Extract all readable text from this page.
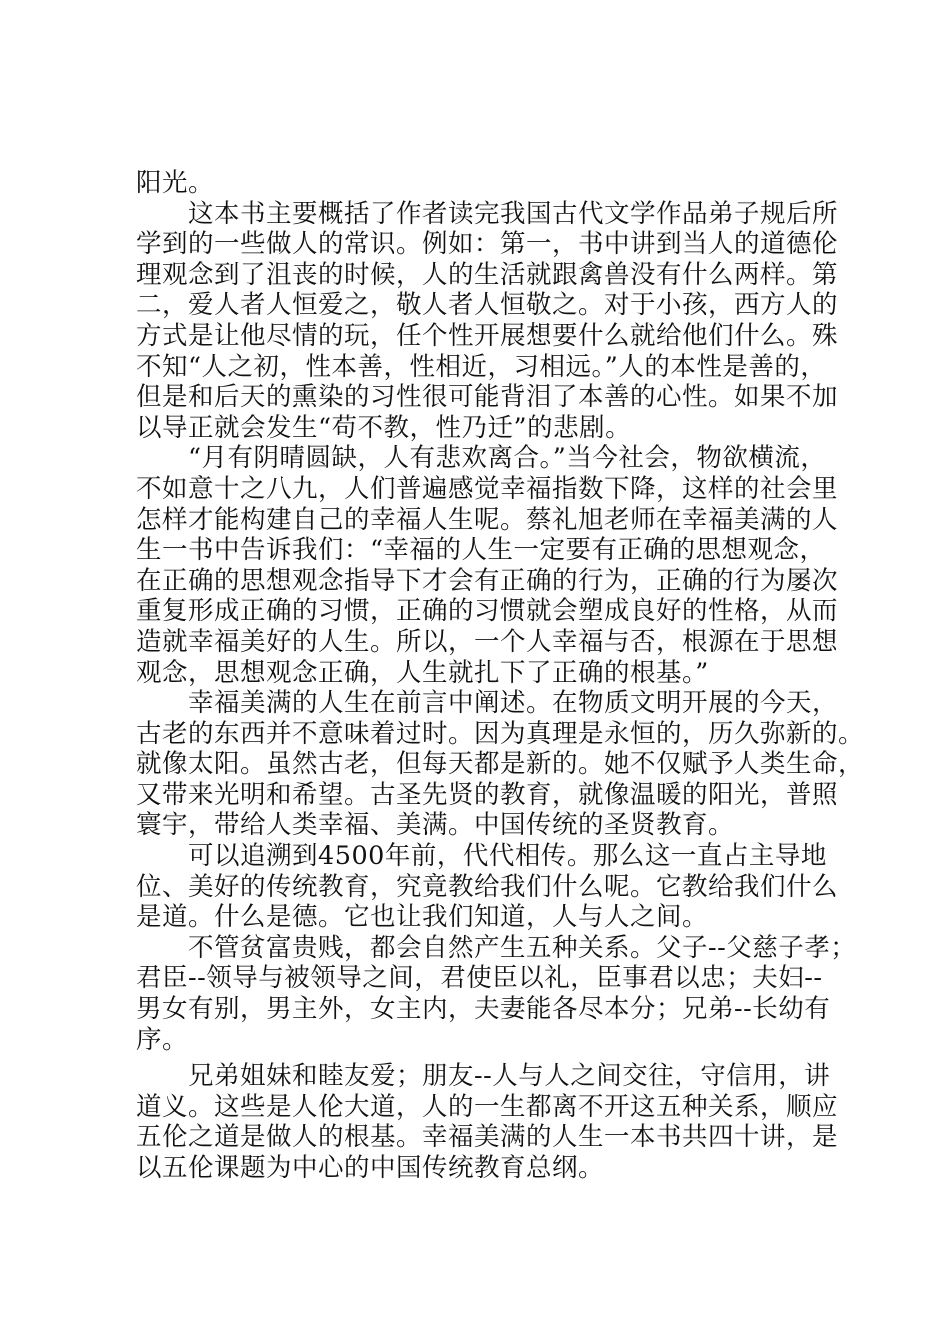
阳光。

这本书主要概括了作者读完我国古代文学作品弟子规后所
学到的一些做人的常识。例如：第一，书中讲到当人的道德伦
理观念到了沮丧的时候，人的生活就跟禽兽没有什么两样。第
二，爱人者人恒爱之，敬人者人恒敬之。对于小孩，西方人的
方式是让他尽情的玩，任个性开展想要什么就给他们什么。殊
不知“人之初，性本善，性相近，习相远。”人的本性是善的，
但是和后天的熏染的习性很可能背泪了本善的心性。如果不加
以导正就会发生“苟不教，性乃迁”的悲剧。

“月有阴晴圆缺，人有悲欢离合。”当今社会，物欲横流，
不如意十之八九，人们普遍感觉幸福指数下降，这样的社会里
怎样才能构建自己的幸福人生呢。蔡礼旭老师在幸福美满的人
生一书中告诉我们：“幸福的人生一定要有正确的思想观念，
在正确的思想观念指导下才会有正确的行为，正确的行为屡次
重复形成正确的习惯，正确的习惯就会塑成良好的性格，从而
造就幸福美好的人生。所以，一个人幸福与否，根源在于思想
观念，思想观念正确，人生就扎下了正确的根基。”

幸福美满的人生在前言中阐述。在物质文明开展的今天，
古老的东西并不意味着过时。因为真理是永恒的，历久弥新的。
就像太阳。虽然古老，但每天都是新的。她不仅赋予人类生命，
又带来光明和希望。古圣先贤的教育，就像温暖的阳光，普照
寰宇，带给人类幸福、美满。中国传统的圣贤教育。

可以追溯到4500年前，代代相传。那么这一直占主导地
位、美好的传统教育，究竟教给我们什么呢。它教给我们什么
是道。什么是德。它也让我们知道，人与人之间。

不管贫富贵贱，都会自然产生五种关系。父子--父慈子孝；
君臣--领导与被领导之间，君使臣以礼，臣事君以忠；夫妇--
男女有别，男主外，女主内，夫妻能各尽本分；兄弟--长幼有
序。

兄弟姐妹和睦友爱；朋友--人与人之间交往，守信用，讲
道义。这些是人伦大道，人的一生都离不开这五种关系，顺应
五伦之道是做人的根基。幸福美满的人生一本书共四十讲，是
以五伦课题为中心的中国传统教育总纲。
